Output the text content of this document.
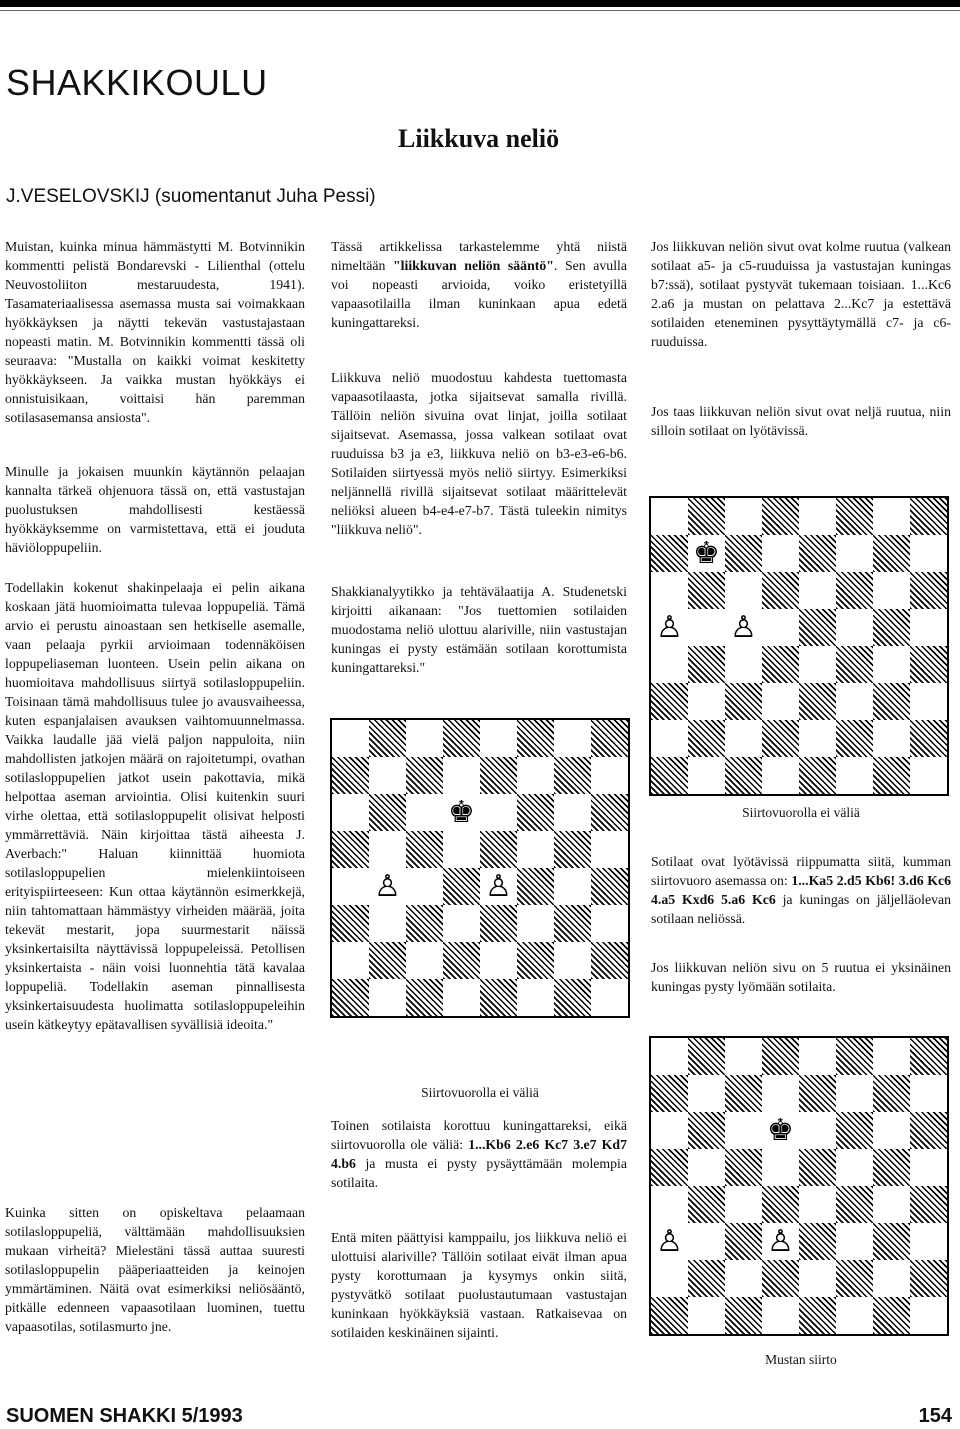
SHAKKIKOULU
Liikkuva neliö
J.VESELOVSKIJ (suomentanut Juha Pessi)

Muistan, kuinka minua hämmästytti M. Botvinnikin kommentti pelistä Bondarevski - Lilienthal (ottelu Neuvostoliiton mestaruudesta, 1941). Tasamateriaalisessa asemassa musta sai voimakkaan hyökkäyksen ja näytti tekevän vastustajastaan nopeasti matin. M. Botvinnikin kommentti tässä oli seuraava: "Mustalla on kaikki voimat keskitetty hyökkäykseen. Ja vaikka mustan hyökkäys ei onnistuisikaan, voittaisi hän paremman sotilasasemansa ansiosta".

Minulle ja jokaisen muunkin käytännön pelaajan kannalta tärkeä ohjenuora tässä on, että vastustajan puolustuksen mahdollisesti kestäessä hyökkäyksemme on varmistettava, että ei jouduta häviöloppupeliin.

Todellakin kokenut shakinpelaaja ei pelin aikana koskaan jätä huomioimatta tulevaa loppupeliä. Tämä arvio ei perustu ainoastaan sen hetkiselle asemalle, vaan pelaaja pyrkii arvioimaan todennäköisen loppupeliaseman luonteen. Usein pelin aikana on huomioitava mahdollisuus siirtyä sotilasloppupeliin. Toisinaan tämä mahdollisuus tulee jo avausvaiheessa, kuten espanjalaisen avauksen vaihtomuunnelmassa. Vaikka laudalle jää vielä paljon nappuloita, niin mahdollisten jatkojen määrä on rajoitetumpi, ovathan sotilasloppupelien jatkot usein pakottavia, mikä helpottaa aseman arviointia. Olisi kuitenkin suuri virhe olettaa, että sotilasloppupelit olisivat helposti ymmärrettäviä. Näin kirjoittaa tästä aiheesta J. Averbach:" Haluan kiinnittää huomiota sotilasloppupelien mielenkiintoiseen erityispiirteeseen: Kun ottaa käytännön esimerkkejä, niin tahtomattaan hämmästyy virheiden määrää, joita tekevät mestarit, jopa suurmestarit näissä yksinkertaisilta näyttävissä loppupeleissä. Petollisen yksinkertaista - näin voisi luonnehtia tätä kavalaa loppupeliä. Todellakin aseman pinnallisesta yksinkertaisuudesta huolimatta sotilasloppupeleihin usein kätkeytyy epätavallisen syvällisiä ideoita."

Kuinka sitten on opiskeltava pelaamaan sotilasloppupeliä, välttämään mahdollisuuksien mukaan virheitä? Mielestäni tässä auttaa suuresti sotilasloppupelin pääperiaatteiden ja keinojen ymmärtäminen. Näitä ovat esimerkiksi neliösääntö, pitkälle edenneen vapaasotilaan luominen, tuettu vapaasotilas, sotilasmurto jne.

Tässä artikkelissa tarkastelemme yhtä niistä nimeltään "liikkuvan neliön sääntö". Sen avulla voi nopeasti arvioida, voiko eristetyillä vapaasotilailla ilman kuninkaan apua edetä kuningattareksi.

Liikkuva neliö muodostuu kahdesta tuettomasta vapaasotilaasta, jotka sijaitsevat samalla rivillä. Tällöin neliön sivuina ovat linjat, joilla sotilaat sijaitsevat. Asemassa, jossa valkean sotilaat ovat ruuduissa b3 ja e3, liikkuva neliö on b3-e3-e6-b6. Sotilaiden siirtyessä myös neliö siirtyy. Esimerkiksi neljännellä rivillä sijaitsevat sotilaat määrittelevät neliöksi alueen b4-e4-e7-b7. Tästä tuleekin nimitys "liikkuva neliö".

Shakkianalyytikko ja tehtävälaatija A. Studenetski kirjoitti aikanaan: "Jos tuettomien sotilaiden muodostama neliö ulottuu alariville, niin vastustajan kuningas ei pysty estämään sotilaan korottumista kuningattareksi."

♚
♙	♙
Siirtovuorolla ei väliä

Toinen sotilaista korottuu kuningattareksi, eikä siirtovuorolla ole väliä: 1...Kb6 2.e6 Kc7 3.e7 Kd7 4.b6 ja musta ei pysty pysäyttämään molempia sotilaita.

Entä miten päättyisi kamppailu, jos liikkuva neliö ei ulottuisi alariville? Tällöin sotilaat eivät ilman apua pysty korottumaan ja kysymys onkin siitä, pystyvätkö sotilaat puolustautumaan vastustajan kuninkaan hyökkäyksiä vastaan. Ratkaisevaa on sotilaiden keskinäinen sijainti.

Jos liikkuvan neliön sivut ovat kolme ruutua (valkean sotilaat a5- ja c5-ruuduissa ja vastustajan kuningas b7:ssä), sotilaat pystyvät tukemaan toisiaan. 1...Kc6 2.a6 ja mustan on pelattava 2...Kc7 ja estettävä sotilaiden eteneminen pysyttäytymällä c7- ja c6-ruuduissa.

Jos taas liikkuvan neliön sivut ovat neljä ruutua, niin silloin sotilaat on lyötävissä.

♚
♙ ♙
Siirtovuorolla ei väliä

Sotilaat ovat lyötävissä riippumatta siitä, kumman siirtovuoro asemassa on: 1...Ka5 2.d5 Kb6! 3.d6 Kc6 4.a5 Kxd6 5.a6 Kc6 ja kuningas on jäljelläolevan sotilaan neliössä.

Jos liikkuvan neliön sivu on 5 ruutua ei yksinäinen kuningas pysty lyömään sotilaita.

♚
♙	♙
Mustan siirto
SUOMEN SHAKKI 5/1993	154
